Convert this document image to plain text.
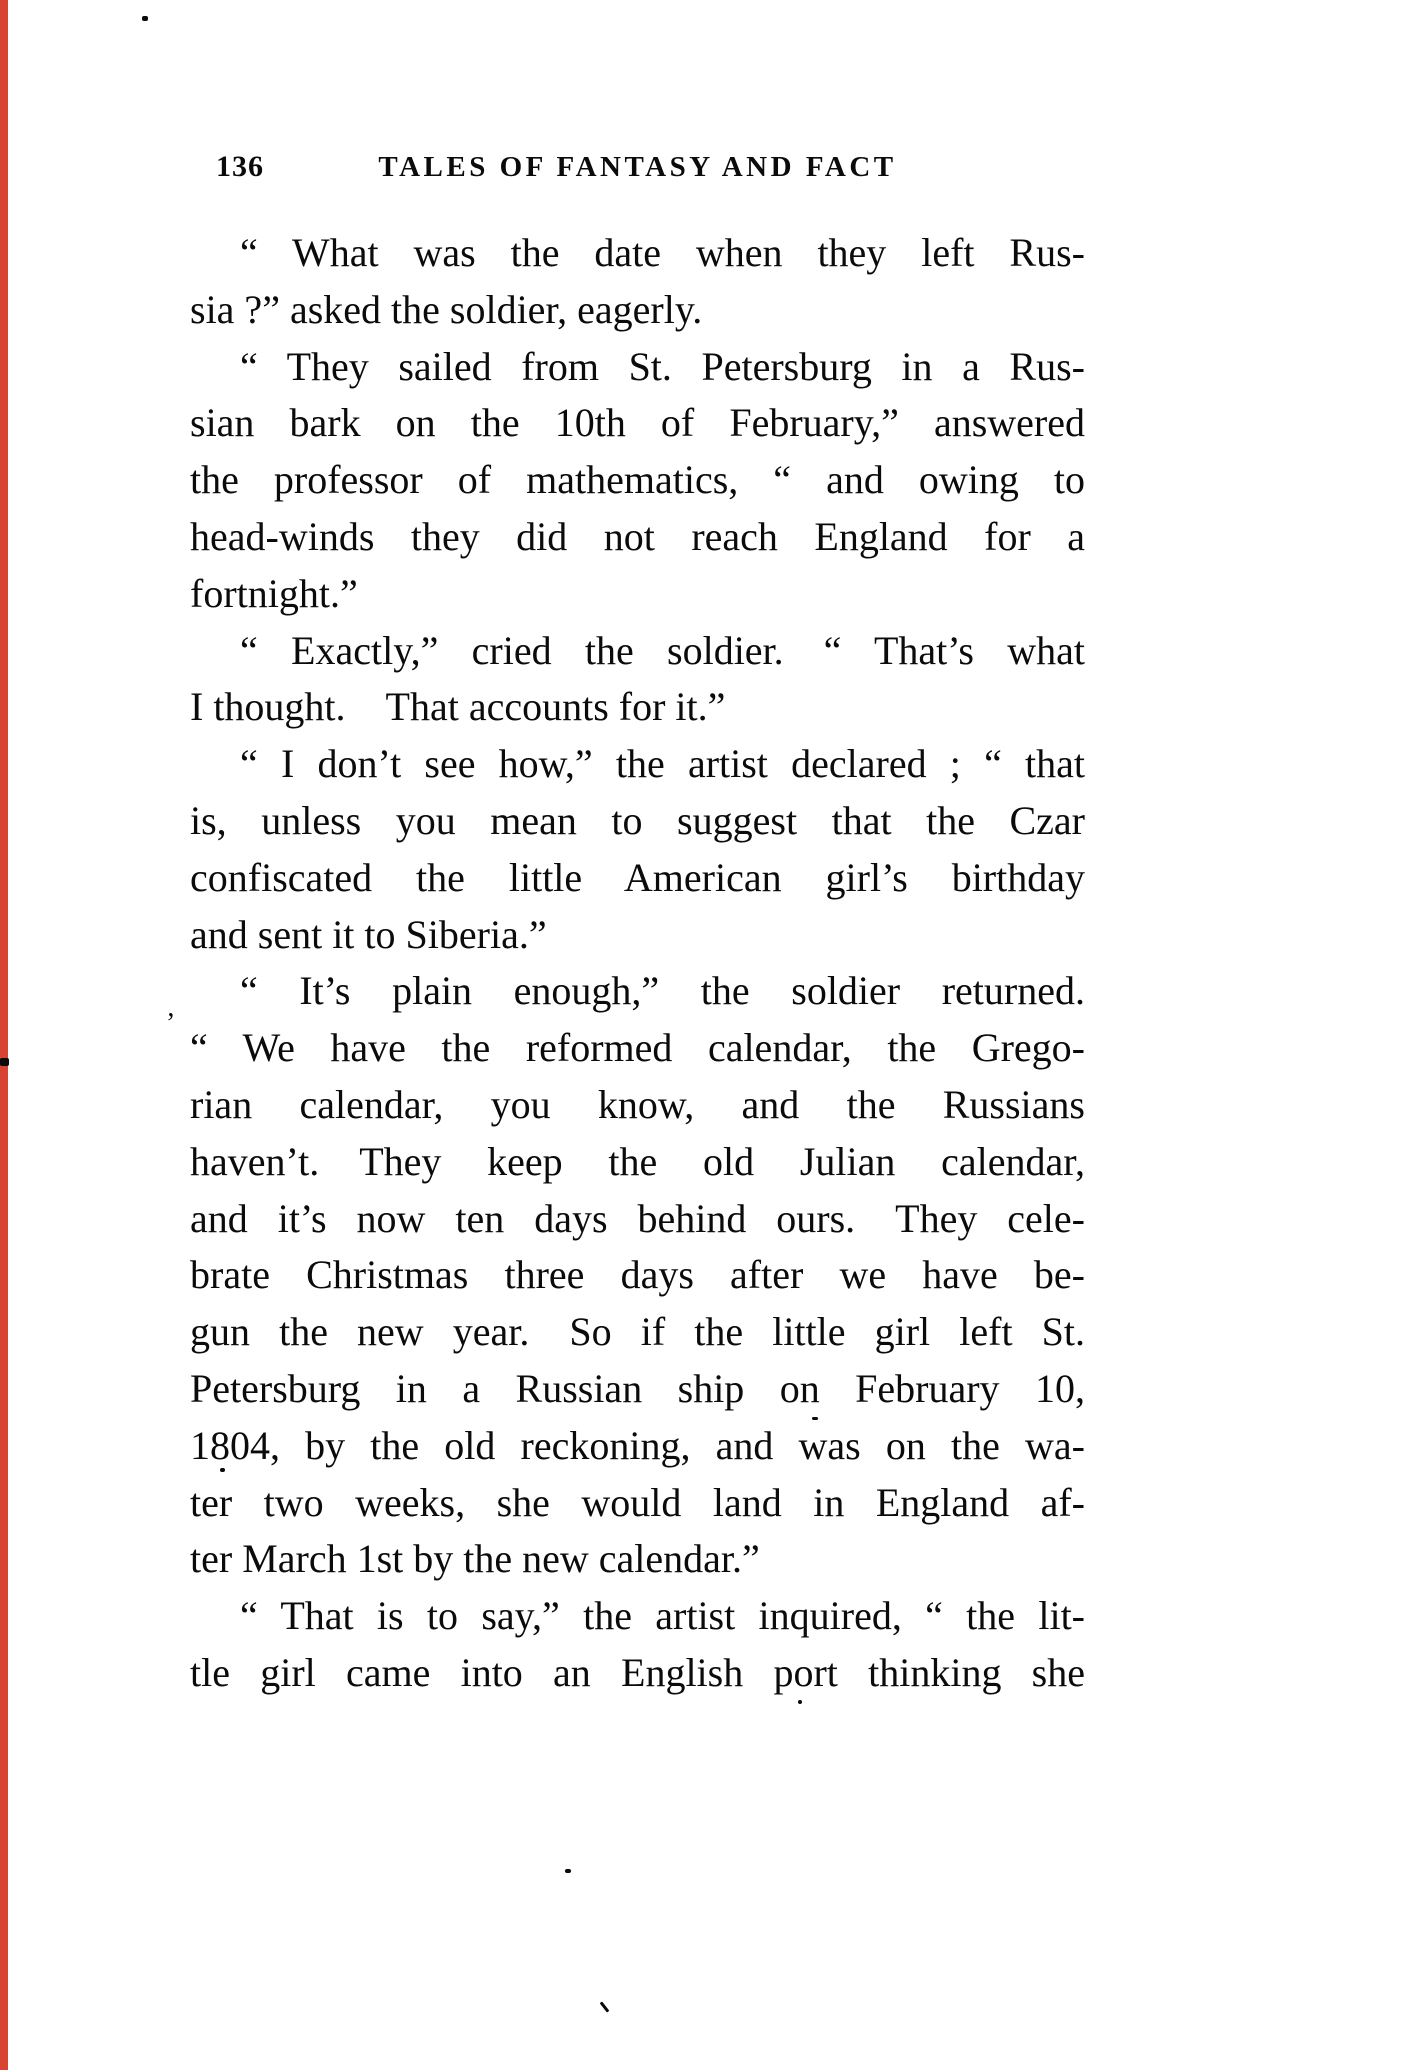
136	TALES OF FANTASY AND FACT
“ What was the date when they left Rus-
sia ?” asked the soldier, eagerly.
“ They sailed from St. Petersburg in a Rus-
sian bark on the 10th of February,” answered
the professor of mathematics, “ and owing to
head-winds they did not reach England for a
fortnight.”
“ Exactly,” cried the soldier. “ That’s what
I thought. That accounts for it.”
“ I don’t see how,” the artist declared ; “ that
is, unless you mean to suggest that the Czar
confiscated the little American girl’s birthday
and sent it to Siberia.”
“ It’s plain enough,” the soldier returned.
“ We have the reformed calendar, the Grego-
rian calendar, you know, and the Russians
haven’t. They keep the old Julian calendar,
and it’s now ten days behind ours. They cele-
brate Christmas three days after we have be-
gun the new year. So if the little girl left St.
Petersburg in a Russian ship on February 10,
1804, by the old reckoning, and was on the wa-
ter two weeks, she would land in England af-
ter March 1st by the new calendar.”
“ That is to say,” the artist inquired, “ the lit-
tle girl came into an English port thinking she
’
